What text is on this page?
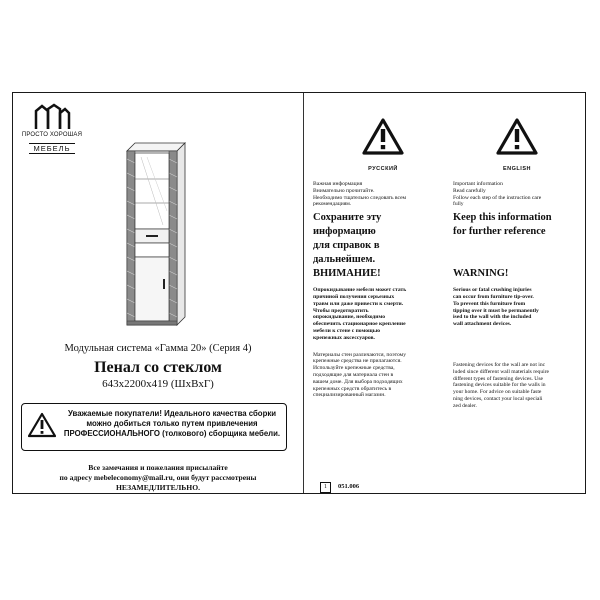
ПРОСТО ХОРОШАЯ
МЕБЕЛЬ
Модульная система «Гамма 20» (Серия 4)
Пенал со стеклом
643x2200x419 (ШхВхГ)
Уважаемые покупатели! Идеального качества сборки
можно добиться только путем привлечения
ПРОФЕССИОНАЛЬНОГО (толкового) сборщика мебели.
Все замечания и пожелания присылайте
по адресу mebeleconomy@mail.ru, они будут рассмотрены
НЕЗАМЕДЛИТЕЛЬНО.
РУССКИЙ
Важная информация
Внимательно прочитайте.
Необходимо тщательно следовать всем
рекомендациям.
Сохраните эту
информацию
для справок в
дальнейшем.
ВНИМАНИЕ!
Опрокидывание мебели может стать
причиной получения серьезных
травм или даже привести к смерти.
Чтобы предотвратить
опрокидывание, необходимо
обеспечить стационарное крепление
мебели к стене с помощью
крепежных аксессуаров.
Материалы стен различаются, поэтому
крепежные средства не прилагаются.
Используйте крепежные средства,
подходящие для материала стен в
вашем доме. Для выбора подходящих
крепежных средств обратитесь в
специализированный магазин.
ENGLISH
Important information
Read carefully
Follow each step of the instruction care
fully
Keep this information
for further reference
WARNING!
Serious or fatal crushing injuries
can occur from furniture tip-over.
To prevent this furniture from
tipping over it must be permanently
ised to the wall with the included
wall attachment devices.
Fastening devices for the wall are not inc
luded since different wall materials require
different types of fastening devices. Use
fastening devices suitable for the walls in
your home. For advice on suitable faste
ning devices, contact your local speciali
zed dealer.
1	051.006
